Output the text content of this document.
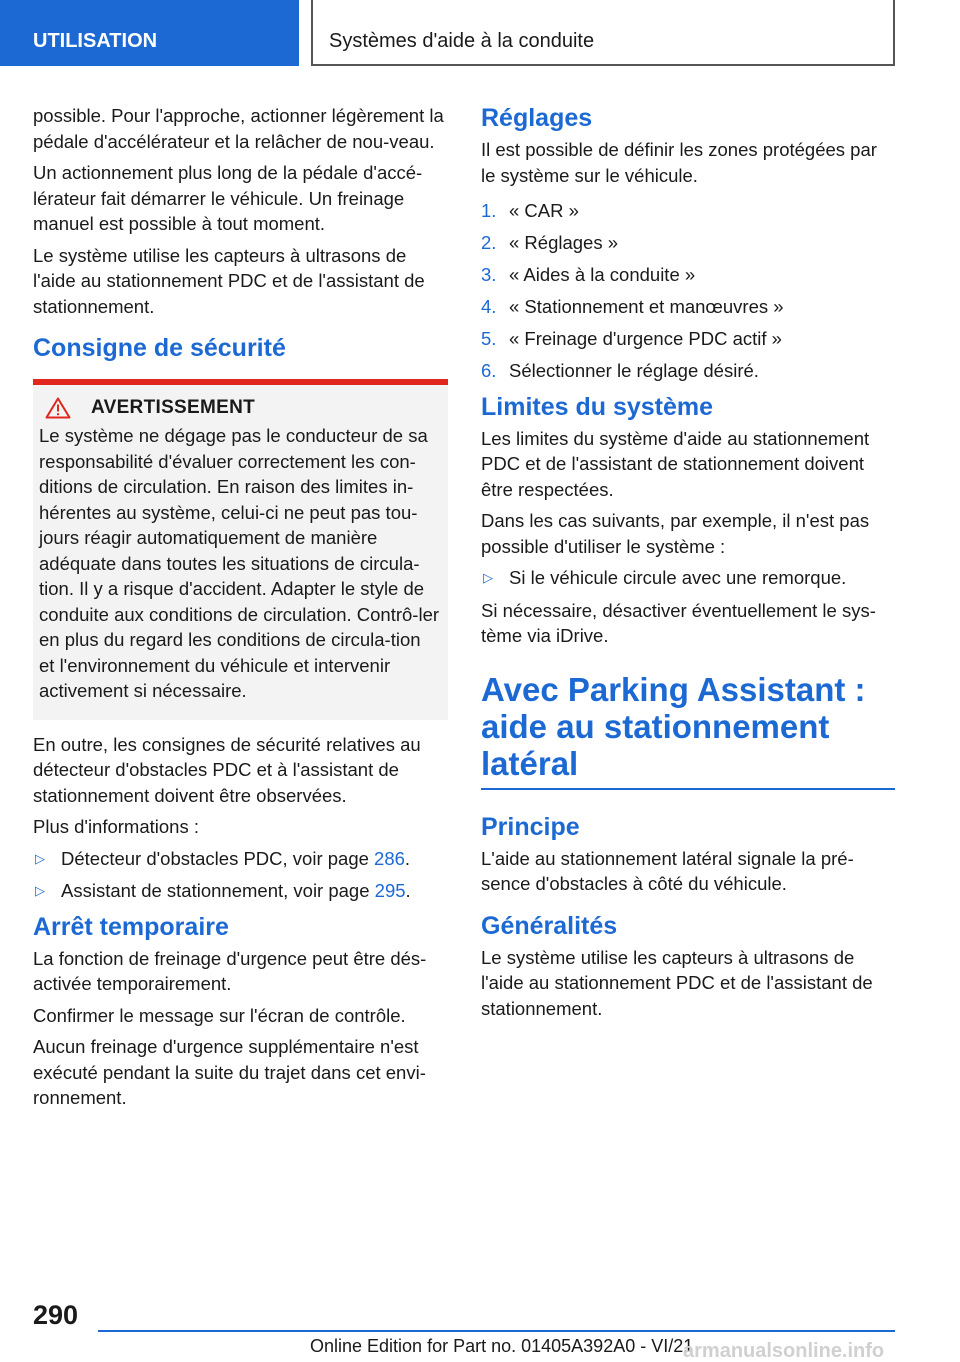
UTILISATION	Systèmes d'aide à la conduite

possible. Pour l'approche, actionner légèrement la pédale d'accélérateur et la relâcher de nou-veau.

Un actionnement plus long de la pédale d'accé-lérateur fait démarrer le véhicule. Un freinage manuel est possible à tout moment.

Le système utilise les capteurs à ultrasons de l'aide au stationnement PDC et de l'assistant de stationnement.

Consigne de sécurité
AVERTISSEMENT

Le système ne dégage pas le conducteur de sa responsabilité d'évaluer correctement les con-ditions de circulation. En raison des limites in-hérentes au système, celui-ci ne peut pas tou-jours réagir automatiquement de manière adéquate dans toutes les situations de circula-tion. Il y a risque d'accident. Adapter le style de conduite aux conditions de circulation. Contrô-ler en plus du regard les conditions de circula-tion et l'environnement du véhicule et intervenir activement si nécessaire.

En outre, les consignes de sécurité relatives au détecteur d'obstacles PDC et à l'assistant de stationnement doivent être observées.

Plus d'informations :

▷ Détecteur d'obstacles PDC, voir page 286.
▷ Assistant de stationnement, voir page 295.
Arrêt temporaire

La fonction de freinage d'urgence peut être dés-activée temporairement.

Confirmer le message sur l'écran de contrôle.

Aucun freinage d'urgence supplémentaire n'est exécuté pendant la suite du trajet dans cet envi-ronnement.

Réglages

Il est possible de définir les zones protégées par le système sur le véhicule.

1. « CAR »
2. « Réglages »
3. « Aides à la conduite »
4. « Stationnement et manœuvres »
5. « Freinage d'urgence PDC actif »
6. Sélectionner le réglage désiré.
Limites du système

Les limites du système d'aide au stationnement PDC et de l'assistant de stationnement doivent être respectées.

Dans les cas suivants, par exemple, il n'est pas possible d'utiliser le système :

▷ Si le véhicule circule avec une remorque.

Si nécessaire, désactiver éventuellement le sys-tème via iDrive.

Avec Parking Assistant : aide au stationnement latéral
Principe

L'aide au stationnement latéral signale la pré-sence d'obstacles à côté du véhicule.

Généralités

Le système utilise les capteurs à ultrasons de l'aide au stationnement PDC et de l'assistant de stationnement.

290
Online Edition for Part no. 01405A392A0 - VI/21
armanualsonline.info
